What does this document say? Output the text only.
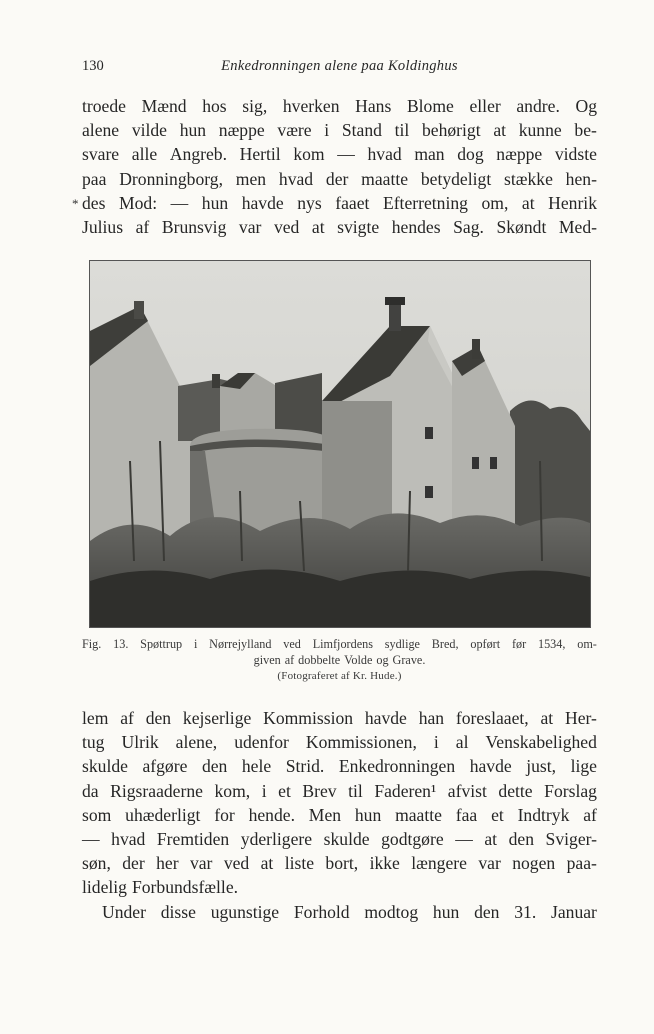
130	Enkedronningen alene paa Koldinghus
*
troede Mænd hos sig, hverken Hans Blome eller andre. Og
alene vilde hun næppe være i Stand til behørigt at kunne be-
svare alle Angreb. Hertil kom — hvad man dog næppe vidste
paa Dronningborg, men hvad der maatte betydeligt stække hen-
des Mod: — hun havde nys faaet Efterretning om, at Henrik
Julius af Brunsvig var ved at svigte hendes Sag. Skøndt Med-
Fig. 13. Spøttrup i Nørrejylland ved Limfjordens sydlige Bred, opført før 1534, om-
given af dobbelte Volde og Grave.
(Fotograferet af Kr. Hude.)
lem af den kejserlige Kommission havde han foreslaaet, at Her-
tug Ulrik alene, udenfor Kommissionen, i al Venskabelighed
skulde afgøre den hele Strid. Enkedronningen havde just, lige
da Rigsraaderne kom, i et Brev til Faderen¹ afvist dette Forslag
som uhæderligt for hende. Men hun maatte faa et Indtryk af
— hvad Fremtiden yderligere skulde godtgøre — at den Sviger-
søn, der her var ved at liste bort, ikke længere var nogen paa-
lidelig Forbundsfælle.
Under disse ugunstige Forhold modtog hun den 31. Januar
